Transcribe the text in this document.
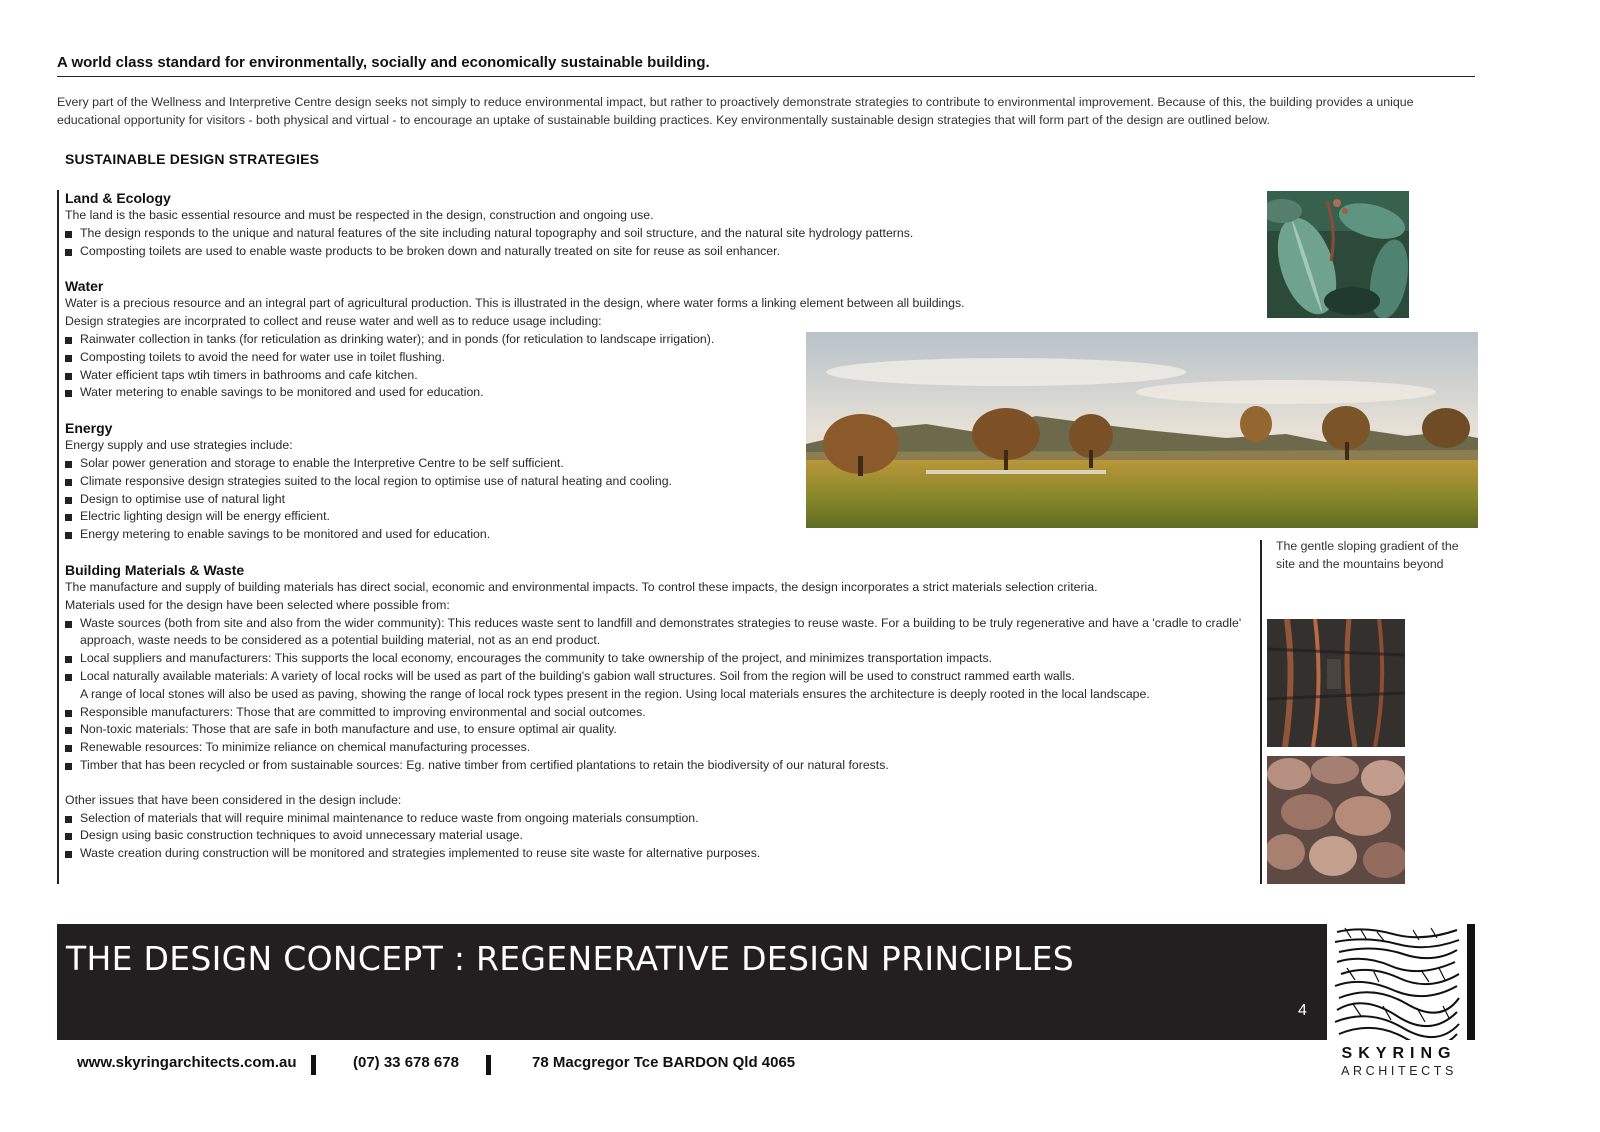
A world class standard for environmentally, socially and economically sustainable building.
Every part of the Wellness and Interpretive Centre design seeks not simply to reduce environmental impact, but rather to proactively demonstrate strategies to contribute to environmental improvement. Because of this, the building provides a unique educational opportunity for visitors - both physical and virtual - to encourage an uptake of sustainable building practices. Key environmentally sustainable design strategies that will form part of the design are outlined below.
SUSTAINABLE DESIGN STRATEGIES
Land & Ecology
The land is the basic essential resource and must be respected in the design, construction and ongoing use.
The design responds to the unique and natural features of the site including natural topography and soil structure, and the natural site hydrology patterns.
Composting toilets are used to enable waste products to be broken down and naturally treated on site for reuse as soil enhancer.
Water
Water is a precious resource and an integral part of agricultural production. This is illustrated in the design, where water forms a linking element between all buildings.
Design strategies are incorprated to collect and reuse water and well as to reduce usage including:
Rainwater collection in tanks (for reticulation as drinking water); and in ponds (for reticulation to landscape irrigation).
Composting toilets to avoid the need for water use in toilet flushing.
Water efficient taps wtih timers in bathrooms and cafe kitchen.
Water metering to enable savings to be monitored and used for education.
Energy
Energy supply and use strategies include:
Solar power generation and storage to enable the Interpretive Centre to be self sufficient.
Climate responsive design strategies suited to the local region to optimise use of natural heating and cooling.
Design to optimise use of natural light
Electric lighting design will be energy efficient.
Energy metering to enable savings to be monitored and used for education.
Building Materials & Waste
The manufacture and supply of building materials has direct social, economic and environmental impacts. To control these impacts, the design incorporates a strict materials selection criteria.
Materials used for the design have been selected where possible from:
Waste sources (both from site and also from the wider community): This reduces waste sent to landfill and demonstrates strategies to reuse waste. For a building to be truly regenerative and have a 'cradle to cradle'
approach, waste needs to be considered as a potential building material, not as an end product.
Local suppliers and manufacturers: This supports the local economy, encourages the community to take ownership of the project, and minimizes transportation impacts.
Local naturally available materials: A variety of local rocks will be used as part of the building's gabion wall structures. Soil from the region will be used to construct rammed earth walls.
A range of local stones will also be used as paving, showing the range of local rock types present in the region. Using local materials ensures the architecture is deeply rooted in the local landscape.
Responsible manufacturers: Those that are committed to improving environmental and social outcomes.
Non-toxic materials: Those that are safe in both manufacture and use, to ensure optimal air quality.
Renewable resources: To minimize reliance on chemical manufacturing processes.
Timber that has been recycled or from sustainable sources: Eg. native timber from certified plantations to retain the biodiversity of our natural forests.
Other issues that have been considered in the design include:
Selection of materials that will require minimal maintenance to reduce waste from ongoing materials consumption.
Design using basic construction techniques to avoid unnecessary material usage.
Waste creation during construction will be monitored and strategies implemented to reuse site waste for alternative purposes.
The gentle sloping gradient of the
site and the mountains beyond
THE DESIGN CONCEPT : REGENERATIVE DESIGN PRINCIPLES
4
SKYRING
ARCHITECTS
www.skyringarchitects.com.au	(07) 33 678 678	78 Macgregor Tce BARDON Qld 4065
